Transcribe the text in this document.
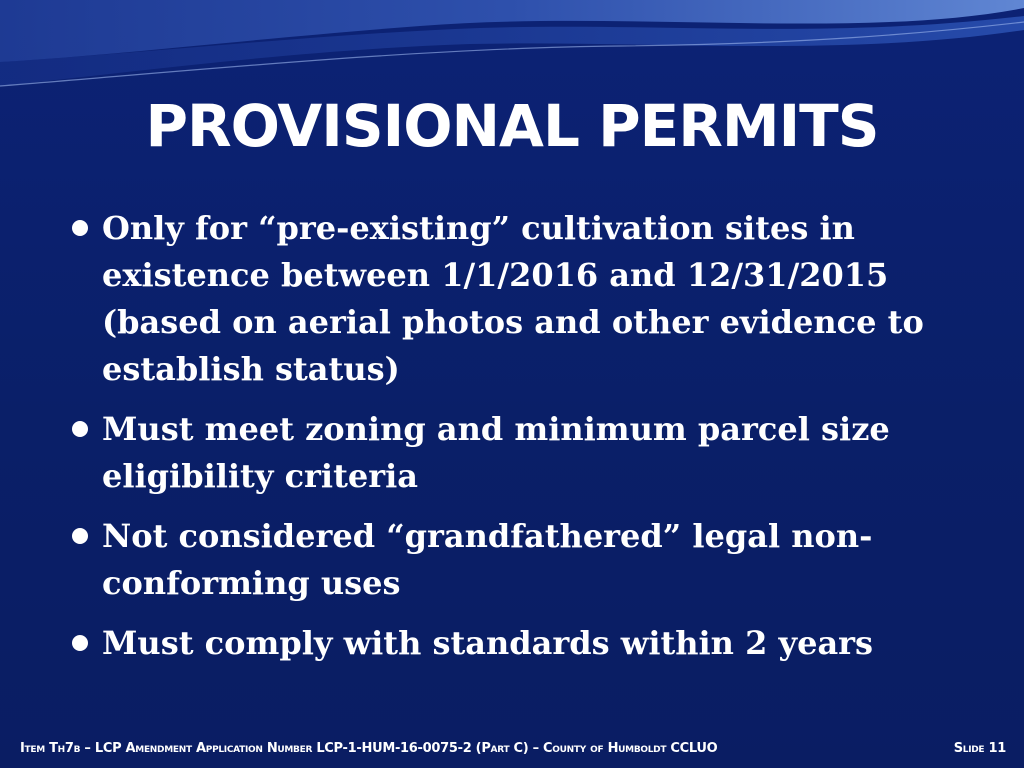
PROVISIONAL PERMITS
Only for “pre-existing” cultivation sites in existence between 1/1/2016 and 12/31/2015 (based on aerial photos and other evidence to establish status)
Must meet zoning and minimum parcel size eligibility criteria
Not considered “grandfathered” legal non-conforming uses
Must comply with standards within 2 years
Item Th7b – LCP Amendment Application Number LCP-1-HUM-16-0075-2 (Part C) – County of Humboldt CCLUO	Slide 11
